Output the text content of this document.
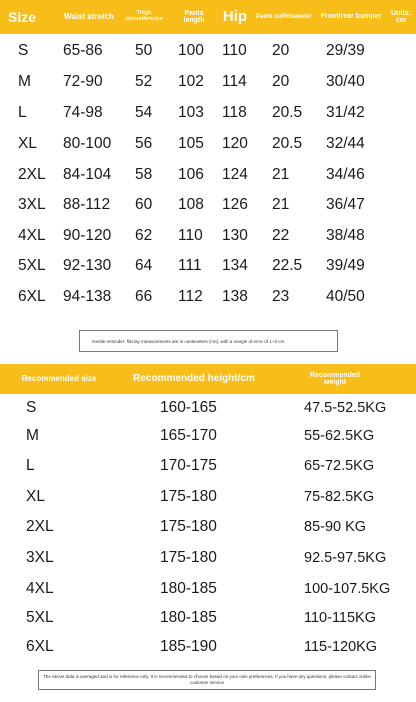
Size	Waist stretch	Thigh circumference
Pants length	Hip	Pants cuff/diameter	Front/rear bumper
Units: cm
S 65-86 50 100 110 20 29/39
M 72-90 52 102 114 20 30/40
L 74-98 54 103 118 20.5 31/42
XL 80-100 56 105 120 20.5 32/44
2XL 84-104 58 106 124 21 34/46
3XL 88-112 60 108 126 21 36/47
4XL 90-120 62 110 130 22 38/48
5XL 92-130 64 111 134 22.5 39/49
6XL 94-138 66 112 138 23 40/50
Gentle reminder: flat lay measurements are in centimeters (cm), with a margin of error of 1~2 cm
Recommended size	Recommended height/cm	Recommended weight
S	160-165	47.5-52.5KG
M	165-170	55-62.5KG
L	170-175	65-72.5KG
XL	175-180	75-82.5KG
2XL	175-180	85-90 KG
3XL	175-180	92.5-97.5KG
4XL	180-185	100-107.5KG
5XL	180-185	110-115KG
6XL	185-190	115-120KG
The above data is averaged and is for reference only. It is recommended to choose based on your own preferences. If you have any questions, please contact online customer service
